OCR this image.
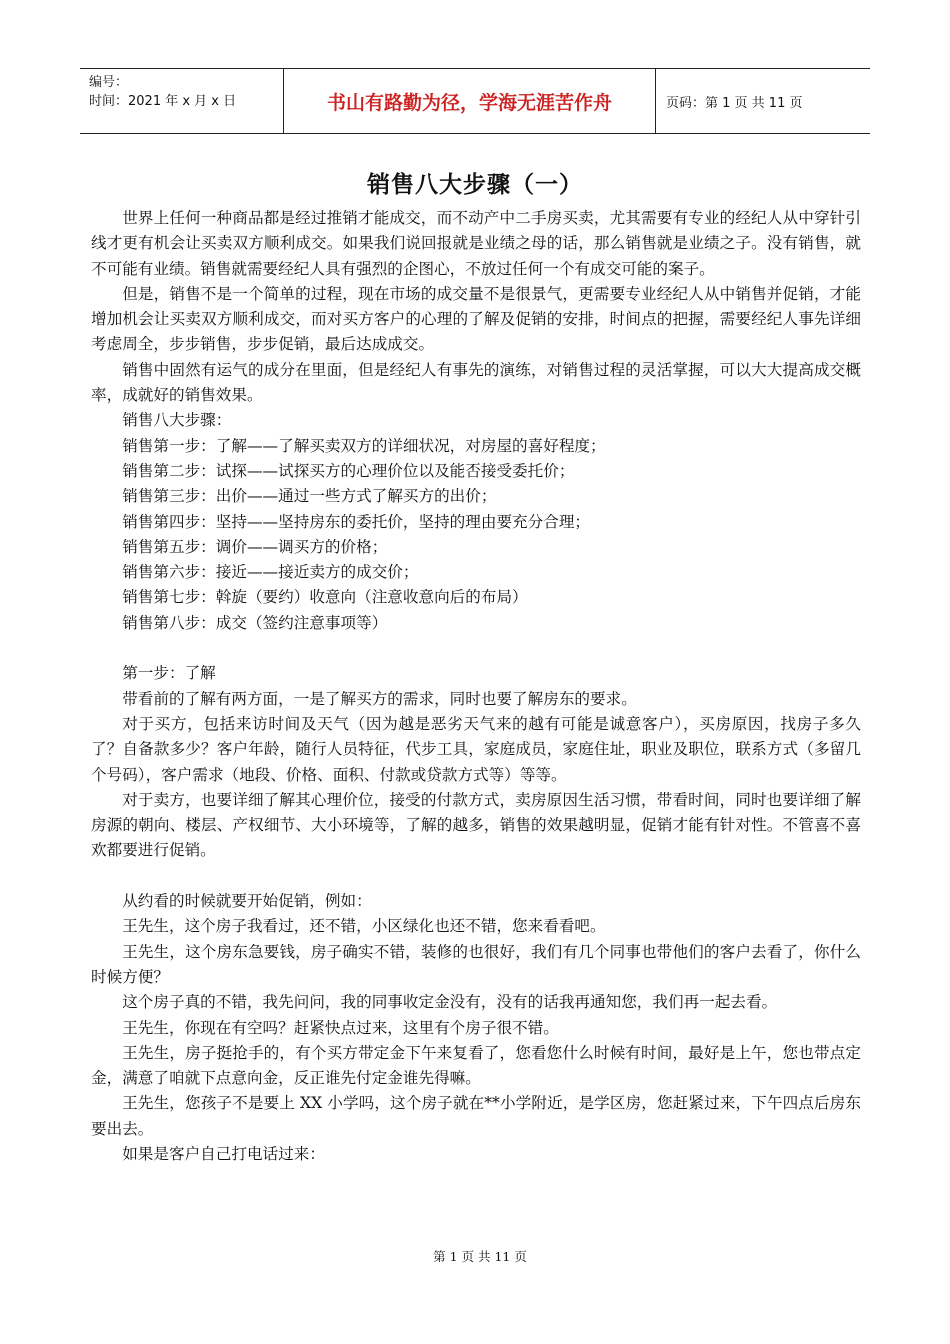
编号：
时间：2021 年 x 月 x 日	书山有路勤为径，学海无涯苦作舟	页码：第 1 页 共 11 页
销售八大步骤（一）

世界上任何一种商品都是经过推销才能成交，而不动产中二手房买卖，尤其需要有专业的经纪人从中穿针引线才更有机会让买卖双方顺利成交。如果我们说回报就是业绩之母的话，那么销售就是业绩之子。没有销售，就不可能有业绩。销售就需要经纪人具有强烈的企图心，不放过任何一个有成交可能的案子。

但是，销售不是一个简单的过程，现在市场的成交量不是很景气，更需要专业经纪人从中销售并促销，才能增加机会让买卖双方顺利成交，而对买方客户的心理的了解及促销的安排，时间点的把握，需要经纪人事先详细考虑周全，步步销售，步步促销，最后达成成交。

销售中固然有运气的成分在里面，但是经纪人有事先的演练，对销售过程的灵活掌握，可以大大提高成交概率，成就好的销售效果。

销售八大步骤：

销售第一步：了解——了解买卖双方的详细状况，对房屋的喜好程度；

销售第二步：试探——试探买方的心理价位以及能否接受委托价；

销售第三步：出价——通过一些方式了解买方的出价；

销售第四步：坚持——坚持房东的委托价，坚持的理由要充分合理；

销售第五步：调价——调买方的价格；

销售第六步：接近——接近卖方的成交价；

销售第七步：斡旋（要约）收意向（注意收意向后的布局）

销售第八步：成交（签约注意事项等）

第一步：了解

带看前的了解有两方面，一是了解买方的需求，同时也要了解房东的要求。

对于买方，包括来访时间及天气（因为越是恶劣天气来的越有可能是诚意客户），买房原因，找房子多久了？自备款多少？客户年龄，随行人员特征，代步工具，家庭成员，家庭住址，职业及职位，联系方式（多留几个号码），客户需求（地段、价格、面积、付款或贷款方式等）等等。

对于卖方，也要详细了解其心理价位，接受的付款方式，卖房原因生活习惯，带看时间，同时也要详细了解房源的朝向、楼层、产权细节、大小环境等，了解的越多，销售的效果越明显，促销才能有针对性。不管喜不喜欢都要进行促销。

从约看的时候就要开始促销，例如：

王先生，这个房子我看过，还不错，小区绿化也还不错，您来看看吧。

王先生，这个房东急要钱，房子确实不错，装修的也很好，我们有几个同事也带他们的客户去看了，你什么时候方便？

这个房子真的不错，我先问问，我的同事收定金没有，没有的话我再通知您，我们再一起去看。

王先生，你现在有空吗？赶紧快点过来，这里有个房子很不错。

王先生，房子挺抢手的，有个买方带定金下午来复看了，您看您什么时候有时间，最好是上午，您也带点定金，满意了咱就下点意向金，反正谁先付定金谁先得嘛。

王先生，您孩子不是要上 XX 小学吗，这个房子就在**小学附近，是学区房，您赶紧过来，下午四点后房东要出去。

如果是客户自己打电话过来：

第 1 页 共 11 页
